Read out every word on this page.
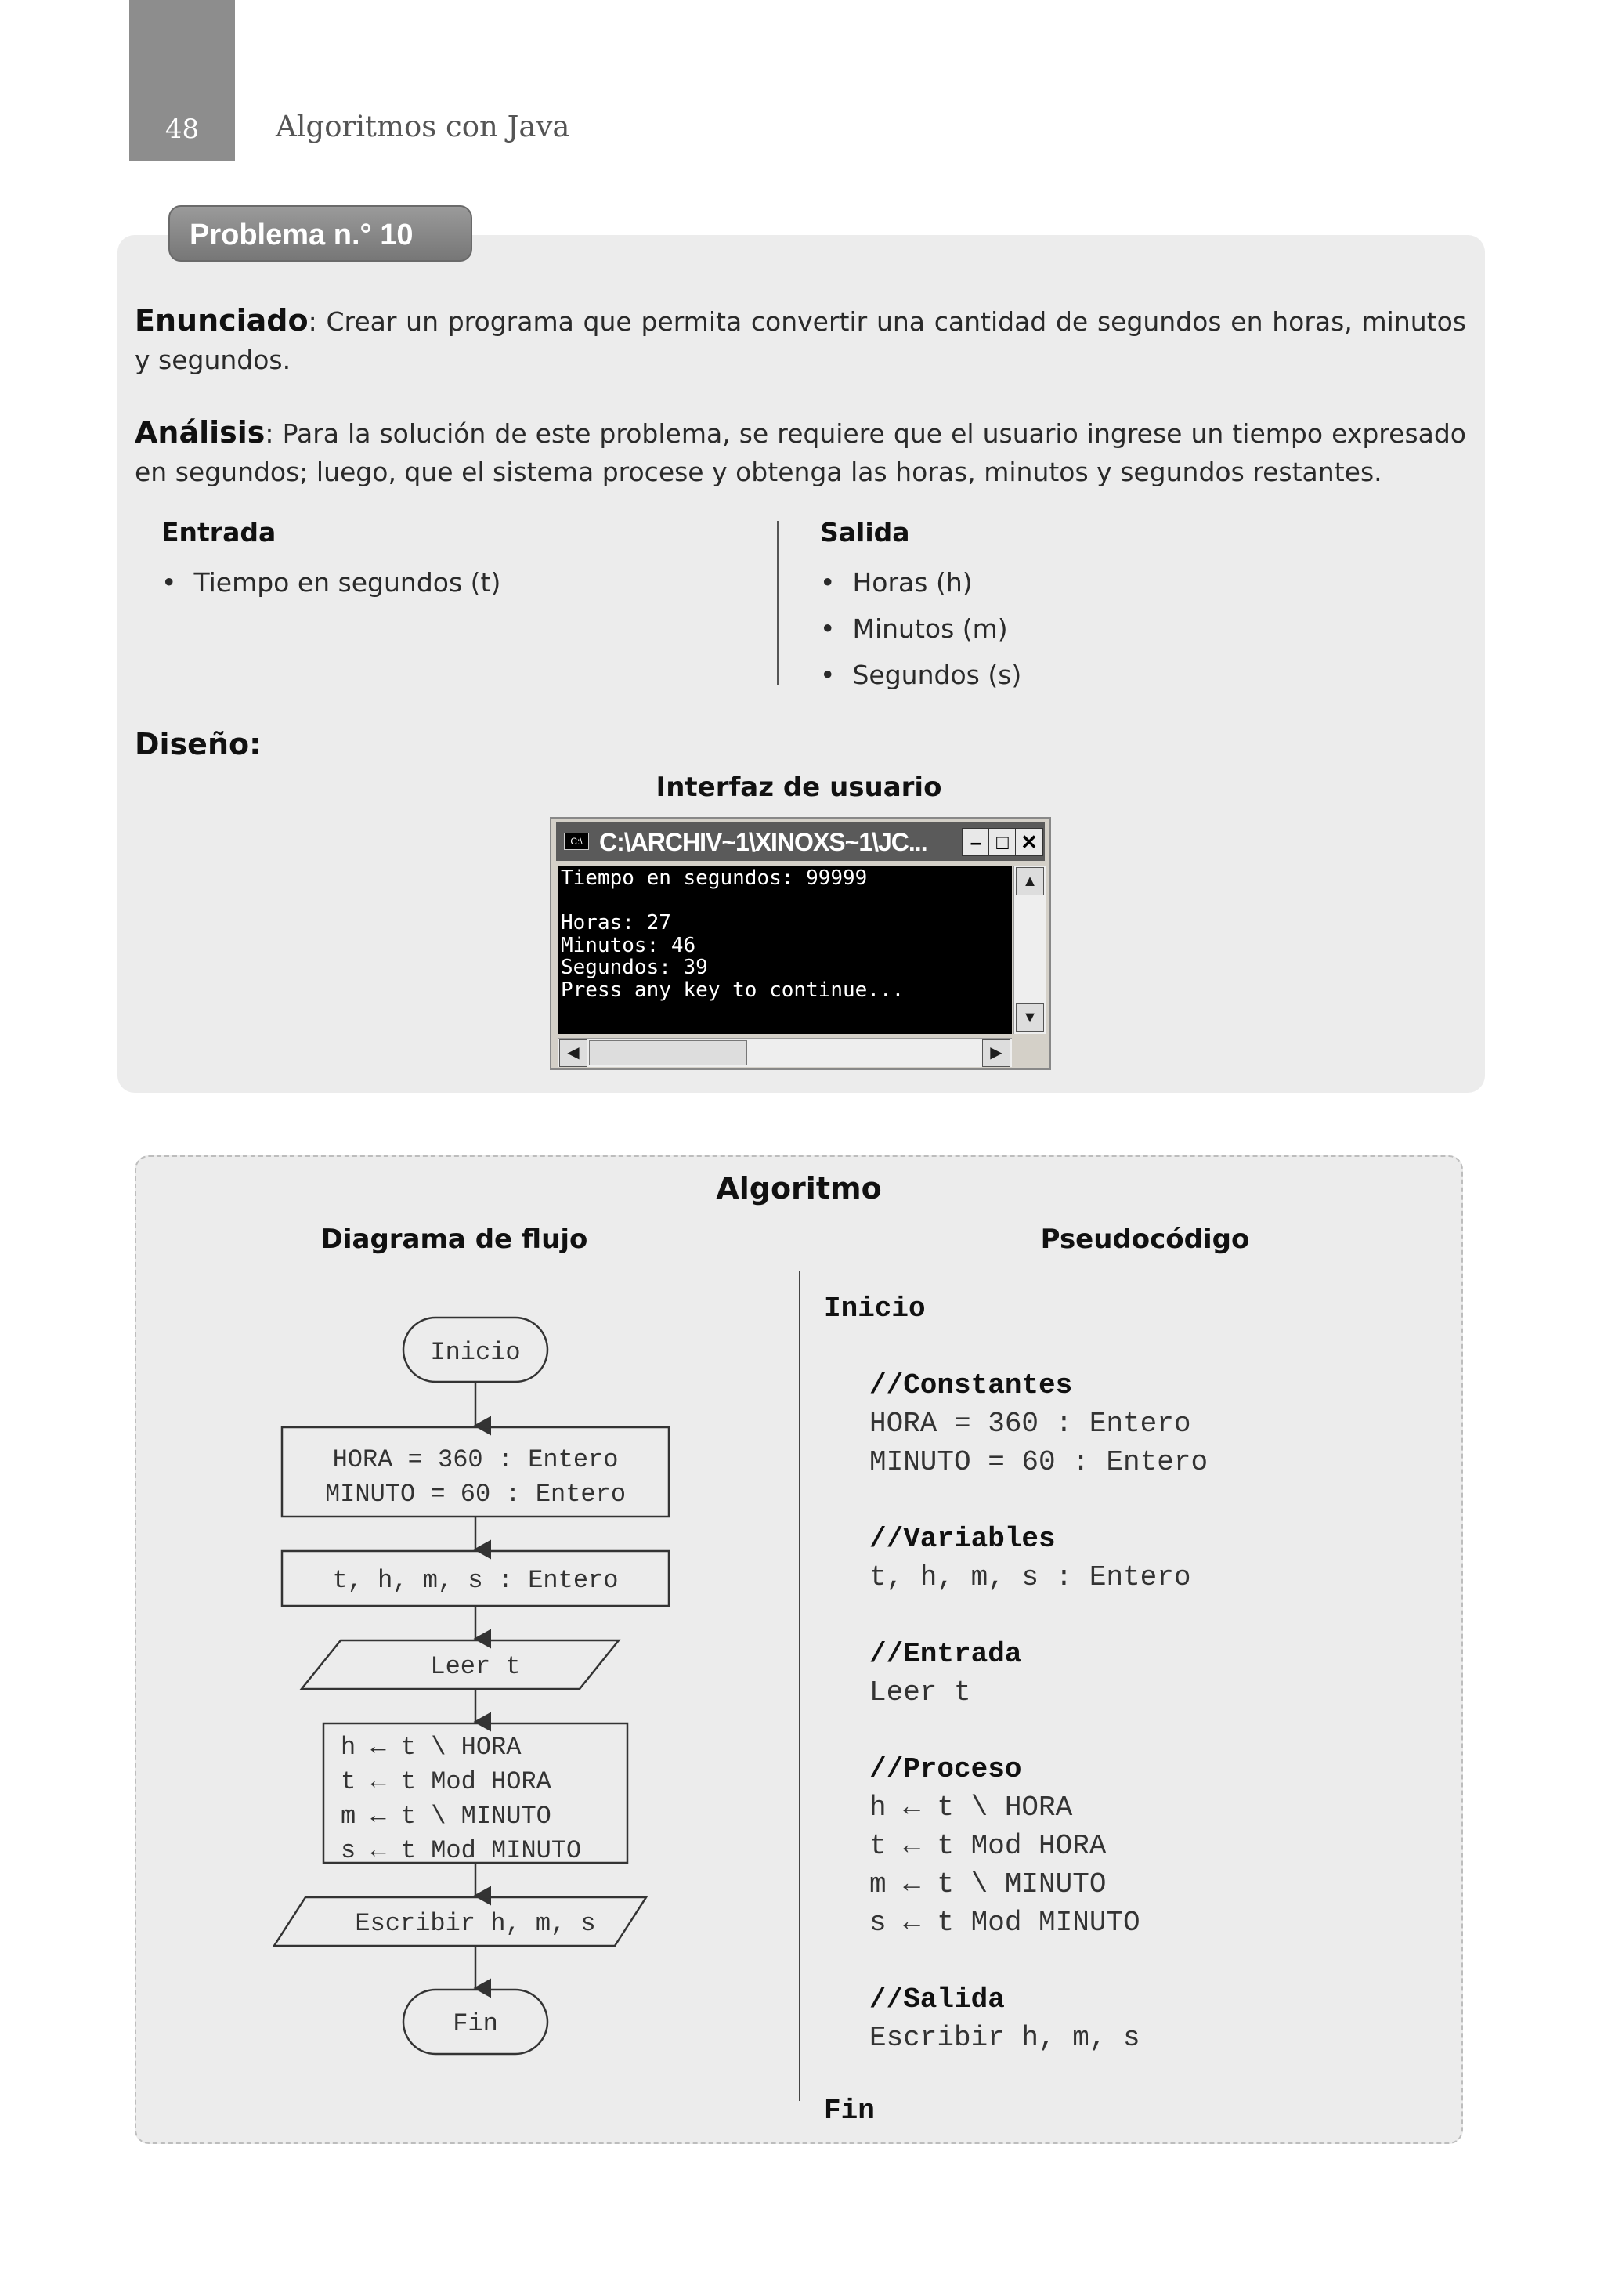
48	Algoritmos con Java
Problema n.° 10
Enunciado: Crear un programa que permita convertir una cantidad de segundos en horas, minutos y segundos.
Análisis: Para la solución de este problema, se requiere que el usuario ingrese un tiempo expresado en segundos; luego, que el sistema procese y obtenga las horas, minutos y segundos restantes.
Entrada
• Tiempo en segundos (t)
Salida
• Horas (h)
• Minutos (m)
• Segundos (s)
Diseño:
Interfaz de usuario
C:\ C:\ARCHIV~1\XINOXS~1\JC...	– □ ✕
Tiempo en segundos: 99999

Horas: 27
Minutos: 46
Segundos: 39
Press any key to continue...
▲
▼
◀	▶
Algoritmo
Diagrama de flujo	Pseudocódigo
Inicio
HORA = 360 : Entero
MINUTO = 60 : Entero
t, h, m, s : Entero
Leer t
h ← t \ HORA
t ← t Mod HORA
m ← t \ MINUTO
s ← t Mod MINUTO
Escribir h, m, s
Fin
Inicio
//Constantes
HORA = 360 : Entero
MINUTO = 60 : Entero
//Variables
t, h, m, s : Entero
//Entrada
Leer t
//Proceso
h ← t \ HORA
t ← t Mod HORA
m ← t \ MINUTO
s ← t Mod MINUTO
//Salida
Escribir h, m, s
Fin
